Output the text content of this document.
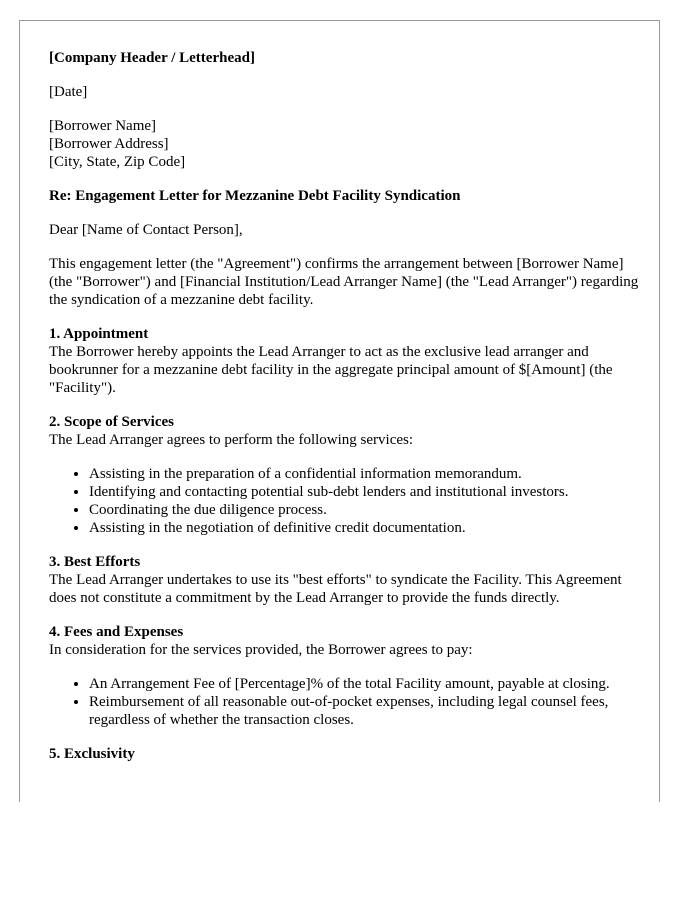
[Company Header / Letterhead]

[Date]

[Borrower Name]
[Borrower Address]
[City, State, Zip Code]

Re: Engagement Letter for Mezzanine Debt Facility Syndication

Dear [Name of Contact Person],

This engagement letter (the "Agreement") confirms the arrangement between [Borrower Name] (the "Borrower") and [Financial Institution/Lead Arranger Name] (the "Lead Arranger") regarding the syndication of a mezzanine debt facility.

1. Appointment
The Borrower hereby appoints the Lead Arranger to act as the exclusive lead arranger and bookrunner for a mezzanine debt facility in the aggregate principal amount of $[Amount] (the "Facility").

2. Scope of Services
The Lead Arranger agrees to perform the following services:

• Assisting in the preparation of a confidential information memorandum.
• Identifying and contacting potential sub-debt lenders and institutional investors.
• Coordinating the due diligence process.
• Assisting in the negotiation of definitive credit documentation.

3. Best Efforts
The Lead Arranger undertakes to use its "best efforts" to syndicate the Facility. This Agreement does not constitute a commitment by the Lead Arranger to provide the funds directly.

4. Fees and Expenses
In consideration for the services provided, the Borrower agrees to pay:

• An Arrangement Fee of [Percentage]% of the total Facility amount, payable at closing.
• Reimbursement of all reasonable out-of-pocket expenses, including legal counsel fees, regardless of whether the transaction closes.

5. Exclusivity
